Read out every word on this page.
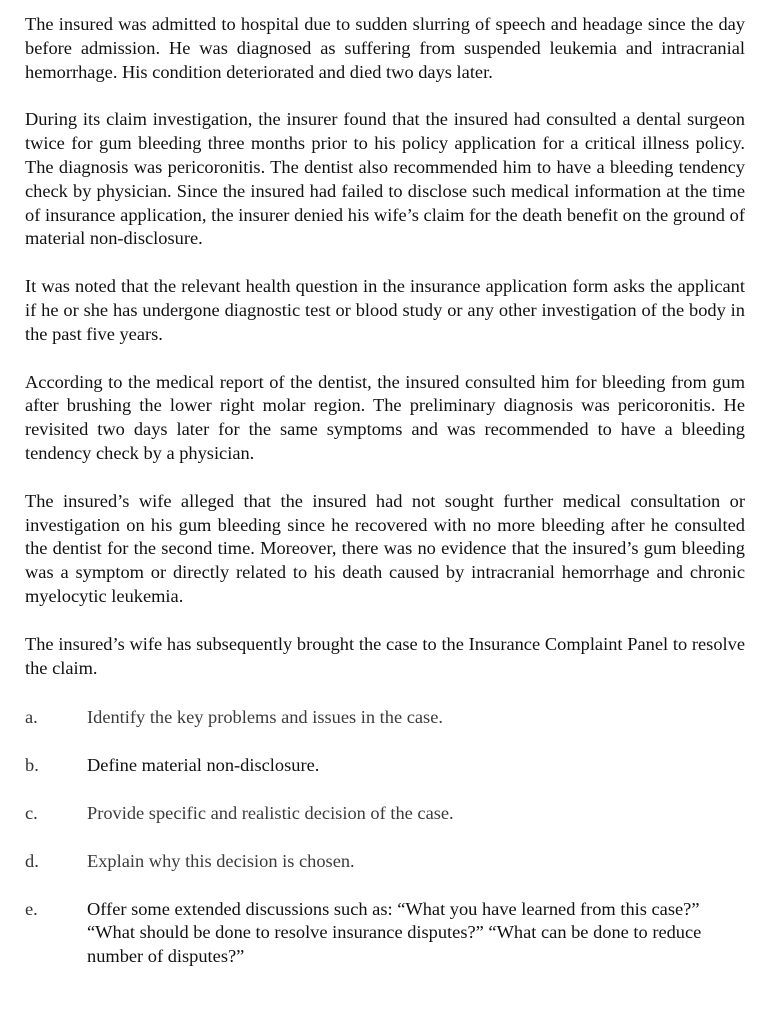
The insured was admitted to hospital due to sudden slurring of speech and headage since the day before admission. He was diagnosed as suffering from suspended leukemia and intracranial hemorrhage. His condition deteriorated and died two days later.

During its claim investigation, the insurer found that the insured had consulted a dental surgeon twice for gum bleeding three months prior to his policy application for a critical illness policy. The diagnosis was pericoronitis. The dentist also recommended him to have a bleeding tendency check by physician. Since the insured had failed to disclose such medical information at the time of insurance application, the insurer denied his wife’s claim for the death benefit on the ground of material non-disclosure.

It was noted that the relevant health question in the insurance application form asks the applicant if he or she has undergone diagnostic test or blood study or any other investigation of the body in the past five years.

According to the medical report of the dentist, the insured consulted him for bleeding from gum after brushing the lower right molar region. The preliminary diagnosis was pericoronitis. He revisited two days later for the same symptoms and was recommended to have a bleeding tendency check by a physician.

The insured’s wife alleged that the insured had not sought further medical consultation or investigation on his gum bleeding since he recovered with no more bleeding after he consulted the dentist for the second time. Moreover, there was no evidence that the insured’s gum bleeding was a symptom or directly related to his death caused by intracranial hemorrhage and chronic myelocytic leukemia.

The insured’s wife has subsequently brought the case to the Insurance Complaint Panel to resolve the claim.

a.	Identify the key problems and issues in the case.
b.	Define material non-disclosure.
c.	Provide specific and realistic decision of the case.
d.	Explain why this decision is chosen.
e.	Offer some extended discussions such as: “What you have learned from this case?” “What should be done to resolve insurance disputes?” “What can be done to reduce number of disputes?”
